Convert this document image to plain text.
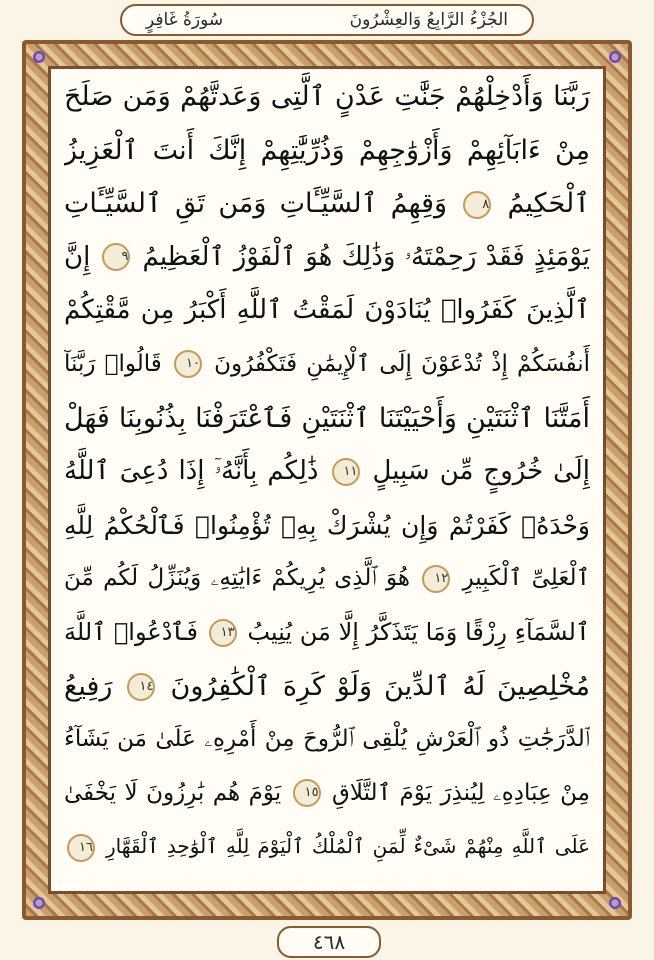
سُورَةُ غَافِرٍ	الجُزْءُ الرَّابِعُ وَالعِشْرُونَ
رَبَّنَا وَأَدْخِلْهُمْ جَنَّٰتِ عَدْنٍ ٱلَّتِى وَعَدتَّهُمْ وَمَن صَلَحَ
مِنْ ءَابَآئِهِمْ وَأَزْوَٰجِهِمْ وَذُرِّيَّٰتِهِمْ إِنَّكَ أَنتَ ٱلْعَزِيزُ
ٱلْحَكِيمُ ٨ وَقِهِمُ ٱلسَّيِّـَٔاتِ وَمَن تَقِ ٱلسَّيِّـَٔاتِ
يَوْمَئِذٍ فَقَدْ رَحِمْتَهُۥ وَذَٰلِكَ هُوَ ٱلْفَوْزُ ٱلْعَظِيمُ ٩ إِنَّ
ٱلَّذِينَ كَفَرُوا۟ يُنَادَوْنَ لَمَقْتُ ٱللَّهِ أَكْبَرُ مِن مَّقْتِكُمْ
أَنفُسَكُمْ إِذْ تُدْعَوْنَ إِلَى ٱلْإِيمَٰنِ فَتَكْفُرُونَ ١٠ قَالُوا۟ رَبَّنَآ
أَمَتَّنَا ٱثْنَتَيْنِ وَأَحْيَيْتَنَا ٱثْنَتَيْنِ فَٱعْتَرَفْنَا بِذُنُوبِنَا فَهَلْ
إِلَىٰ خُرُوجٍ مِّن سَبِيلٍ ١١ ذَٰلِكُم بِأَنَّهُۥٓ إِذَا دُعِىَ ٱللَّهُ
وَحْدَهُۥ كَفَرْتُمْ وَإِن يُشْرَكْ بِهِۦ تُؤْمِنُوا۟ فَٱلْحُكْمُ لِلَّهِ
ٱلْعَلِىِّ ٱلْكَبِيرِ ١٢ هُوَ ٱلَّذِى يُرِيكُمْ ءَايَٰتِهِۦ وَيُنَزِّلُ لَكُم مِّنَ
ٱلسَّمَآءِ رِزْقًا وَمَا يَتَذَكَّرُ إِلَّا مَن يُنِيبُ ١٣ فَٱدْعُوا۟ ٱللَّهَ
مُخْلِصِينَ لَهُ ٱلدِّينَ وَلَوْ كَرِهَ ٱلْكَٰفِرُونَ ١٤ رَفِيعُ
ٱلدَّرَجَٰتِ ذُو ٱلْعَرْشِ يُلْقِى ٱلرُّوحَ مِنْ أَمْرِهِۦ عَلَىٰ مَن يَشَآءُ
مِنْ عِبَادِهِۦ لِيُنذِرَ يَوْمَ ٱلتَّلَاقِ ١٥ يَوْمَ هُم بَٰرِزُونَ لَا يَخْفَىٰ
عَلَى ٱللَّهِ مِنْهُمْ شَىْءٌ لِّمَنِ ٱلْمُلْكُ ٱلْيَوْمَ لِلَّهِ ٱلْوَٰحِدِ ٱلْقَهَّارِ ١٦
٤٦٨
